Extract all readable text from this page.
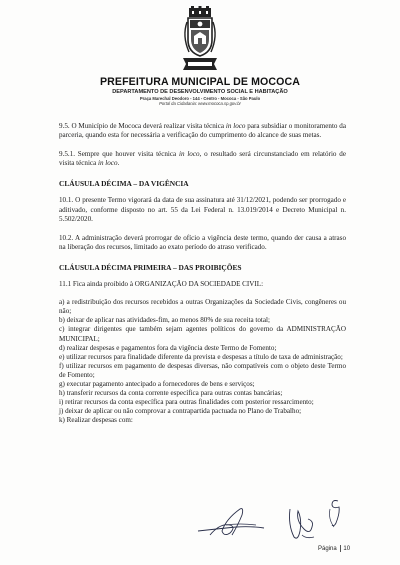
PREFEITURA MUNICIPAL DE MOCOCA
DEPARTAMENTO DE DESENVOLVIMENTO SOCIAL E HABITAÇÃO
Praça Marechal Deodoro - 144 - Centro - Mococa - São Paulo
Portal da Cidadania: www.mococa.sp.gov.br

9.5. O Município de Mococa deverá realizar visita técnica in loco para subsidiar o monitoramento da parceria, quando esta for necessária a verificação do cumprimento do alcance de suas metas.

9.5.1. Sempre que houver visita técnica in loco, o resultado será circunstanciado em relatório de visita técnica in loco.

CLÁUSULA DÉCIMA – DA VIGÊNCIA

10.1. O presente Termo vigorará da data de sua assinatura até 31/12/2021, podendo ser prorrogado e aditivado, conforme disposto no art. 55 da Lei Federal n. 13.019/2014 e Decreto Municipal n. 5.502/2020.

10.2. A administração deverá prorrogar de ofício a vigência deste termo, quando der causa a atraso na liberação dos recursos, limitado ao exato período do atraso verificado.

CLÁUSULA DÉCIMA PRIMEIRA – DAS PROIBIÇÕES

11.1 Fica ainda proibido à ORGANIZAÇÃO DA SOCIEDADE CIVIL:

a) a redistribuição dos recursos recebidos a outras Organizações da Sociedade Civis, congêneres ou não;
b) deixar de aplicar nas atividades-fim, ao menos 80% de sua receita total;
c) integrar dirigentes que também sejam agentes políticos do governo da ADMINISTRAÇÃO MUNICIPAL;
d) realizar despesas e pagamentos fora da vigência deste Termo de Fomento;
e) utilizar recursos para finalidade diferente da prevista e despesas a título de taxa de administração;
f) utilizar recursos em pagamento de despesas diversas, não compatíveis com o objeto deste Termo de Fomento;
g) executar pagamento antecipado a fornecedores de bens e serviços;
h) transferir recursos da conta corrente específica para outras contas bancárias;
i) retirar recursos da conta específica para outras finalidades com posterior ressarcimento;
j) deixar de aplicar ou não comprovar a contrapartida pactuada no Plano de Trabalho;
k) Realizar despesas com:
Página 10
